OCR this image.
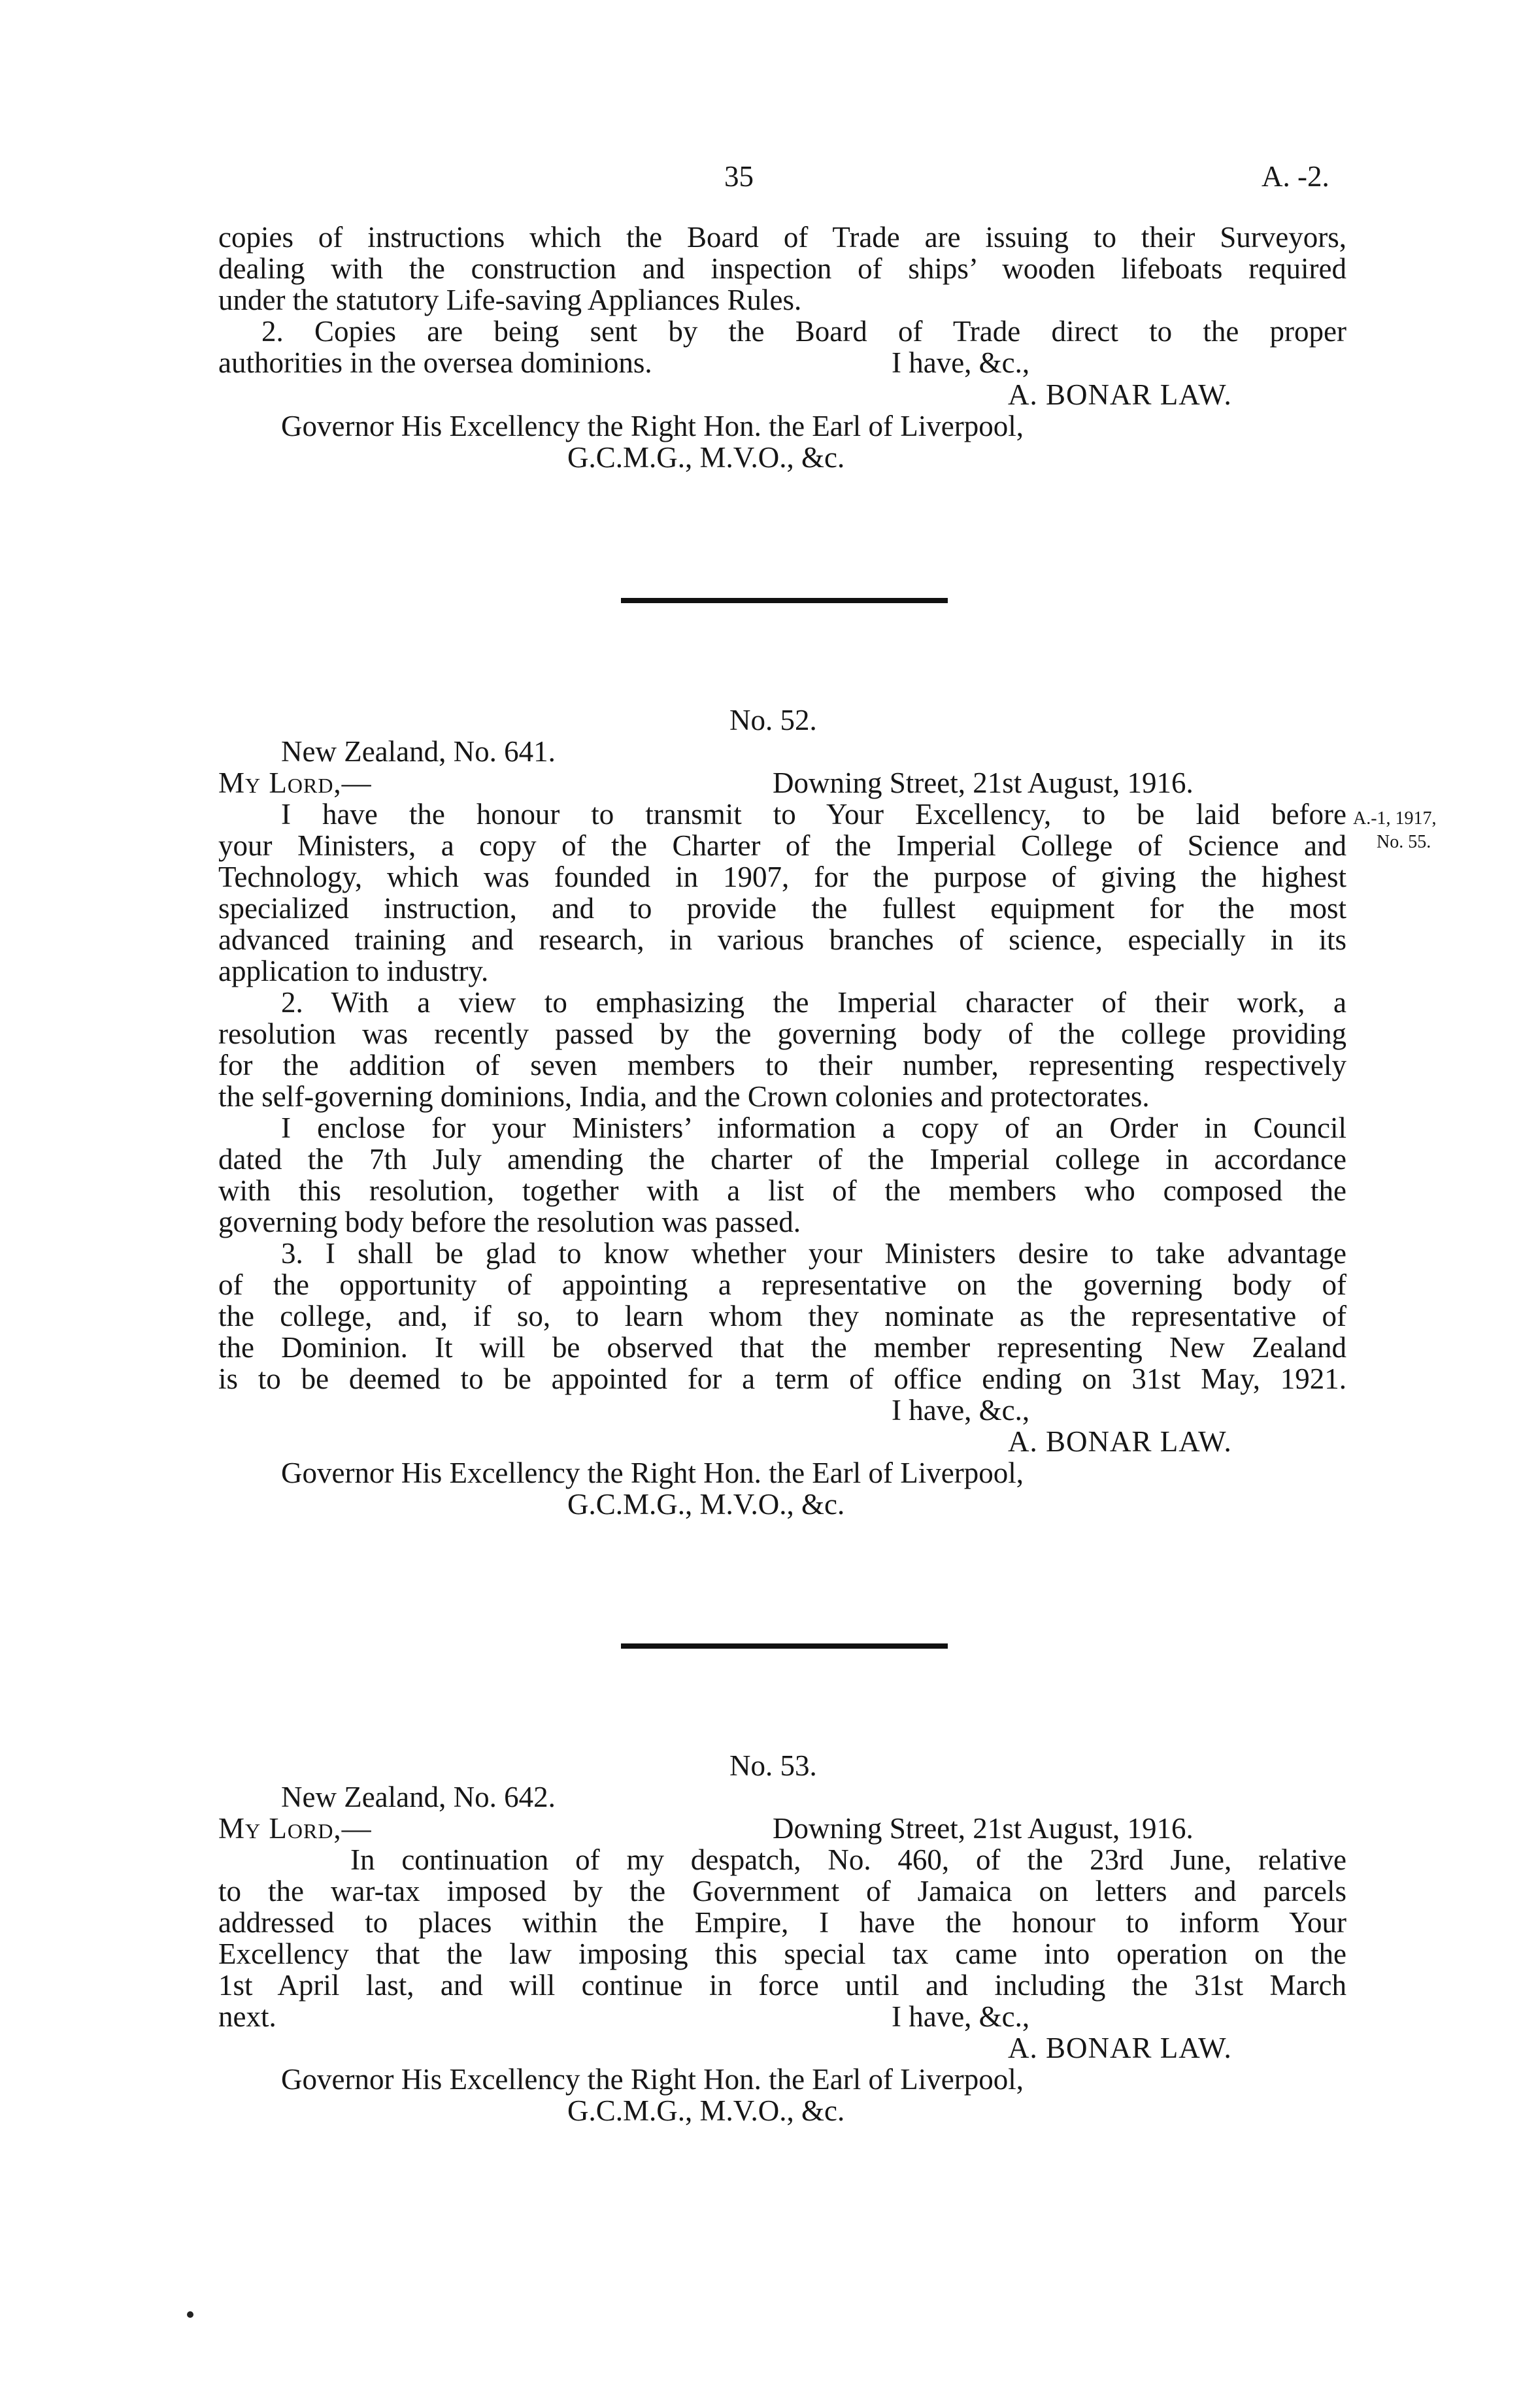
35	A. -2.
copies of instructions which the Board of Trade are issuing to their Surveyors,
dealing with the construction and inspection of ships’ wooden lifeboats required
under the statutory Life-saving Appliances Rules.
2. Copies are being sent by the Board of Trade direct to the proper
authorities in the oversea dominions.	I have, &c.,
A. BONAR LAW.
Governor His Excellency the Right Hon. the Earl of Liverpool,
G.C.M.G., M.V.O., &c.
No. 52.
New Zealand, No. 641.
My Lord,—	Downing Street, 21st August, 1916.
A.-1, 1917,
No. 55.
I have the honour to transmit to Your Excellency, to be laid before
your Ministers, a copy of the Charter of the Imperial College of Science and
Technology, which was founded in 1907, for the purpose of giving the highest
specialized instruction, and to provide the fullest equipment for the most
advanced training and research, in various branches of science, especially in its
application to industry.
2. With a view to emphasizing the Imperial character of their work, a
resolution was recently passed by the governing body of the college providing
for the addition of seven members to their number, representing respectively
the self-governing dominions, India, and the Crown colonies and protectorates.
I enclose for your Ministers’ information a copy of an Order in Council
dated the 7th July amending the charter of the Imperial college in accordance
with this resolution, together with a list of the members who composed the
governing body before the resolution was passed.
3. I shall be glad to know whether your Ministers desire to take advantage
of the opportunity of appointing a representative on the governing body of
the college, and, if so, to learn whom they nominate as the representative of
the Dominion. It will be observed that the member representing New Zealand
is to be deemed to be appointed for a term of office ending on 31st May, 1921.
I have, &c.,
A. BONAR LAW.
Governor His Excellency the Right Hon. the Earl of Liverpool,
G.C.M.G., M.V.O., &c.
No. 53.
New Zealand, No. 642.
My Lord,—	Downing Street, 21st August, 1916.
In continuation of my despatch, No. 460, of the 23rd June, relative
to the war-tax imposed by the Government of Jamaica on letters and parcels
addressed to places within the Empire, I have the honour to inform Your
Excellency that the law imposing this special tax came into operation on the
1st April last, and will continue in force until and including the 31st March
next.	I have, &c.,
A. BONAR LAW.
Governor His Excellency the Right Hon. the Earl of Liverpool,
G.C.M.G., M.V.O., &c.
